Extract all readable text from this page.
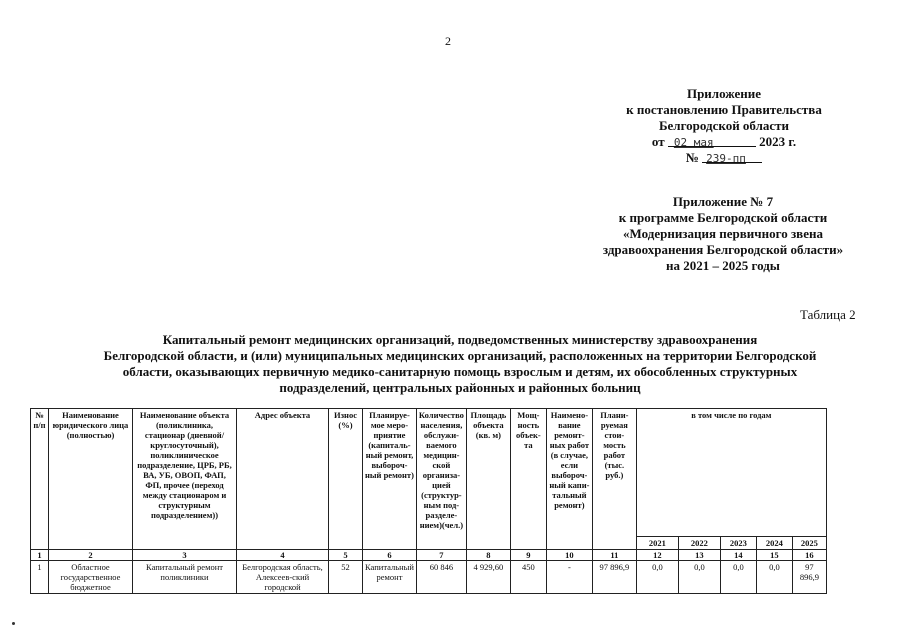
2
Приложение
к постановлению Правительства
Белгородской области
от 02 мая	2023 г.
№ 239-пп
Приложение № 7
к программе Белгородской области
«Модернизация первичного звена
здравоохранения Белгородской области»
на 2021 – 2025 годы
Таблица 2
Капитальный ремонт медицинских организаций, подведомственных министерству здравоохранения
Белгородской области, и (или) муниципальных медицинских организаций, расположенных на территории Белгородской
области, оказывающих первичную медико-санитарную помощь взрослым и детям, их обособленных структурных
подразделений, центральных районных и районных больниц
№ п/п	Наименование юридического лица (полностью)	Наименование объекта (поликлиника, стационар (дневной/ круглосуточный), поликлиническое подразделение, ЦРБ, РБ, ВА, УБ, ОВОП, ФАП, ФП, прочее (переход между стационаром и структурным подразделением))	Адрес объекта	Износ (%)	Планируе-мое меро-приятие (капиталь-ный ремонт, выбороч-ный ремонт)	Количество населения, обслужи-ваемого медицин-ской организа-цией (структур-ным под-разделе-нием)(чел.)	Площадь объекта (кв. м)	Мощ-ность объек-та	Наимено-вание ремонт-ных работ (в случае, если выбороч-ный капи-тальный ремонт)	Плани-руемая стои-мость работ (тыс. руб.)	в том числе по годам				
											2021	2022	2023	2024	2025
1	2	3	4	5	6	7	8	9	10	11	12	13	14	15	16
1	Областное государственное бюджетное	Капитальный ремонт поликлиники	Белгородская область, Алексеев-ский городской	52	Капитальный ремонт	60 846	4 929,60	450	-	97 896,9	0,0	0,0	0,0	0,0	97 896,9
